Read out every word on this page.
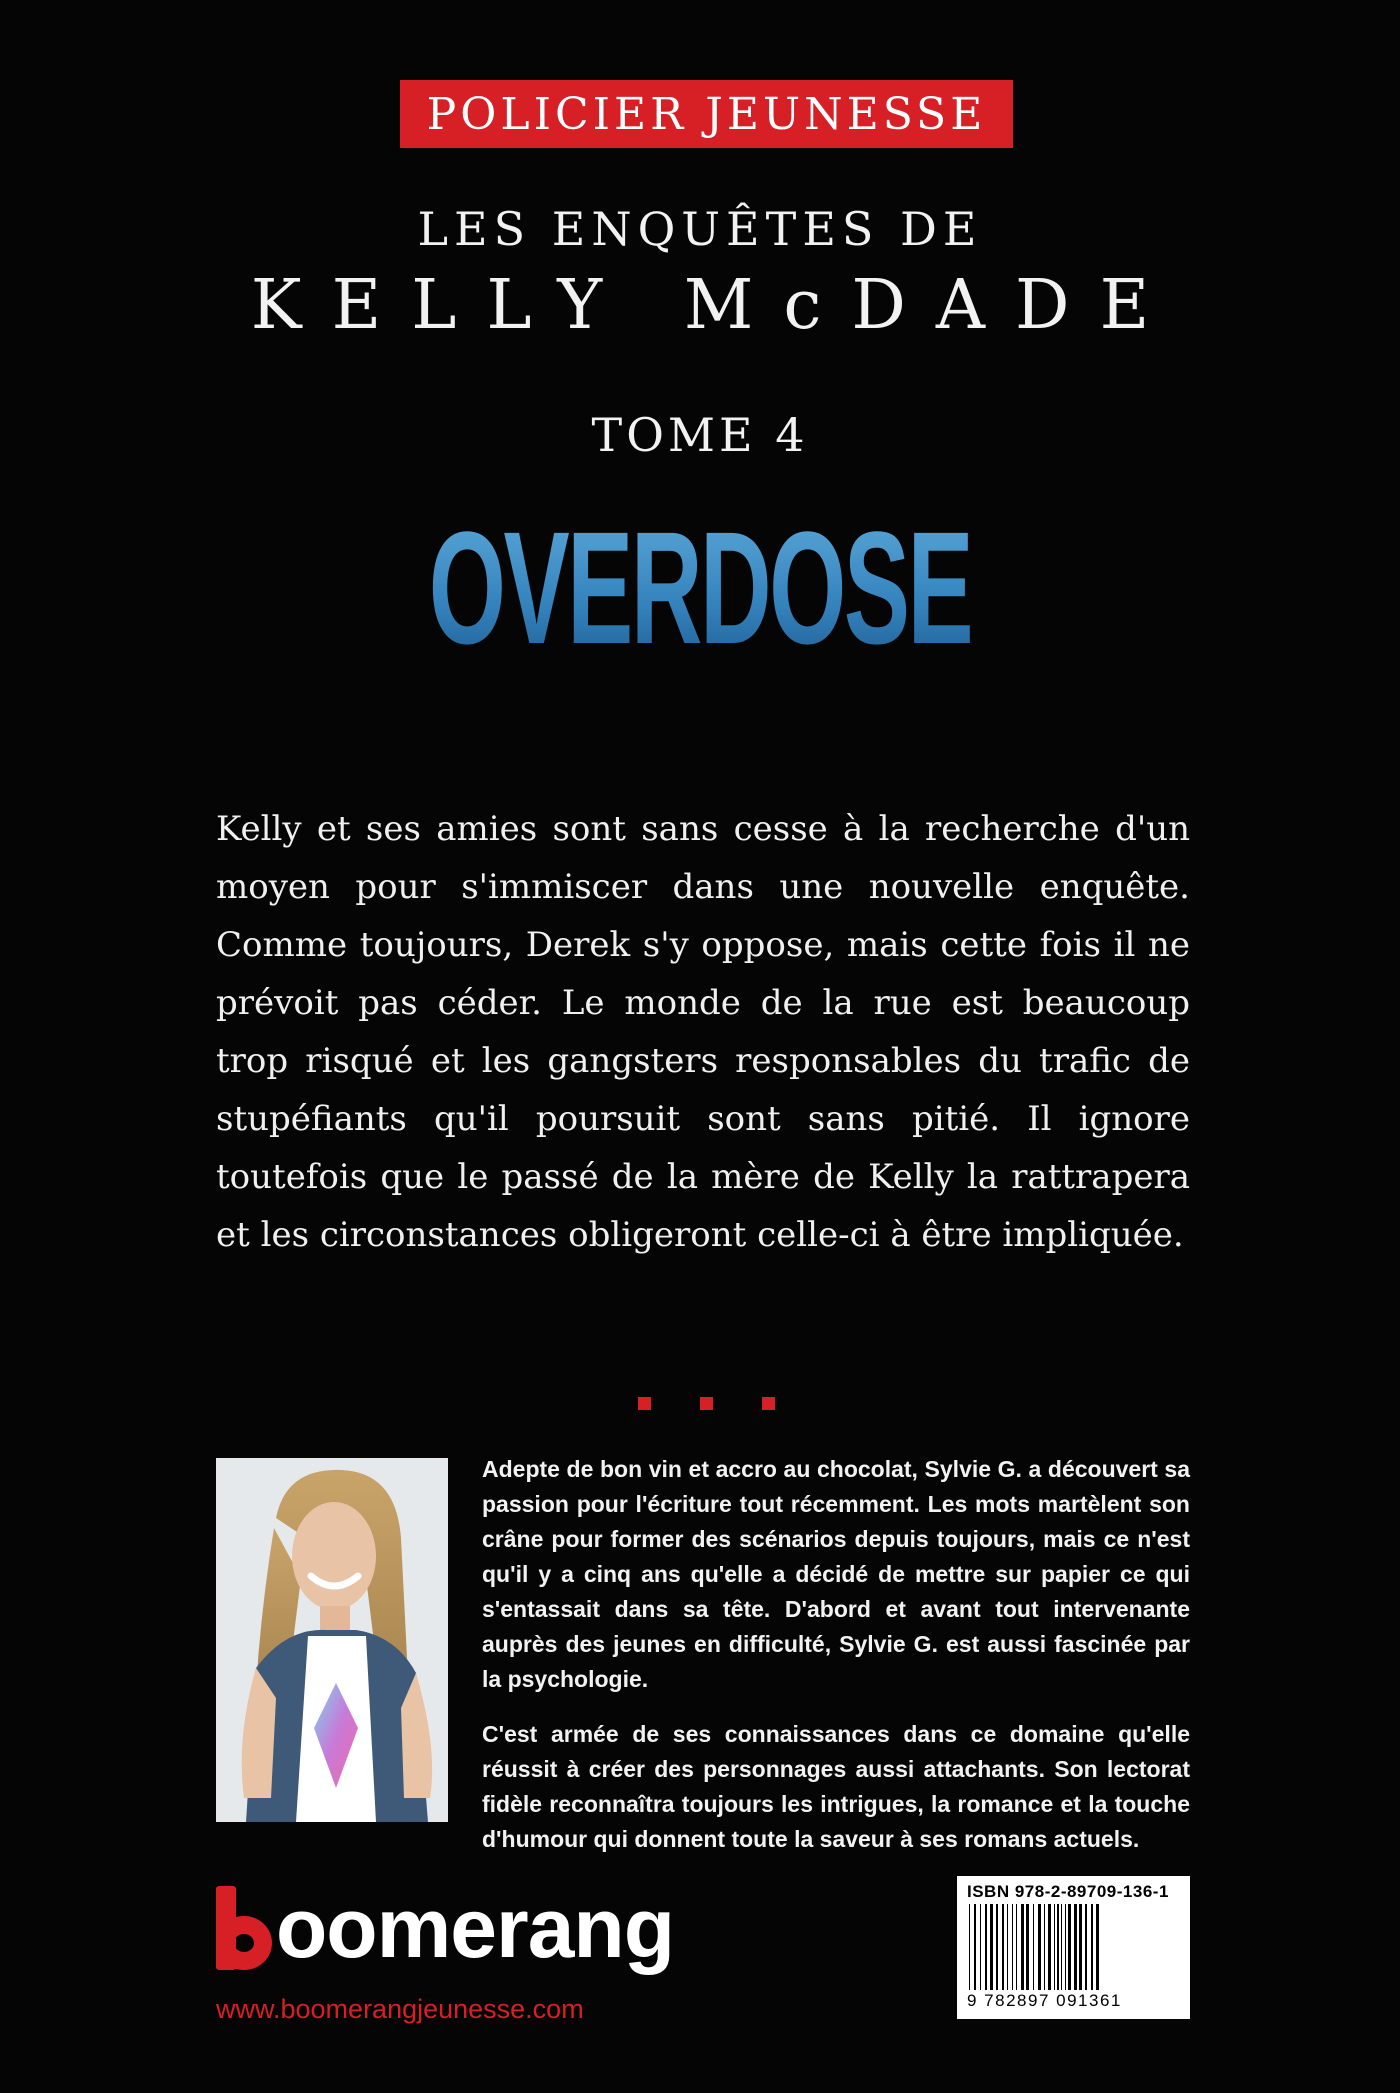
POLICIER JEUNESSE
LES ENQUÊTES DE
KELLY McDADE
TOME 4
OVERDOSE

Kelly et ses amies sont sans cesse à la recherche d'un moyen pour s'immiscer dans une nouvelle enquête. Comme toujours, Derek s'y oppose, mais cette fois il ne prévoit pas céder. Le monde de la rue est beaucoup trop risqué et les gangsters responsables du trafic de stupéfiants qu'il poursuit sont sans pitié. Il ignore toutefois que le passé de la mère de Kelly la rattrapera et les circonstances obligeront celle-ci à être impliquée.

Adepte de bon vin et accro au chocolat, Sylvie G. a découvert sa passion pour l'écriture tout récemment. Les mots martèlent son crâne pour former des scénarios depuis toujours, mais ce n'est qu'il y a cinq ans qu'elle a décidé de mettre sur papier ce qui s'entassait dans sa tête. D'abord et avant tout intervenante auprès des jeunes en difficulté, Sylvie G. est aussi fascinée par la psychologie.

C'est armée de ses connaissances dans ce domaine qu'elle réussit à créer des personnages aussi attachants. Son lectorat fidèle reconnaîtra toujours les intrigues, la romance et la touche d'humour qui donnent toute la saveur à ses romans actuels.

oomerang
www.boomerangjeunesse.com
ISBN 978-2-89709-136-1
9 782897 091361
